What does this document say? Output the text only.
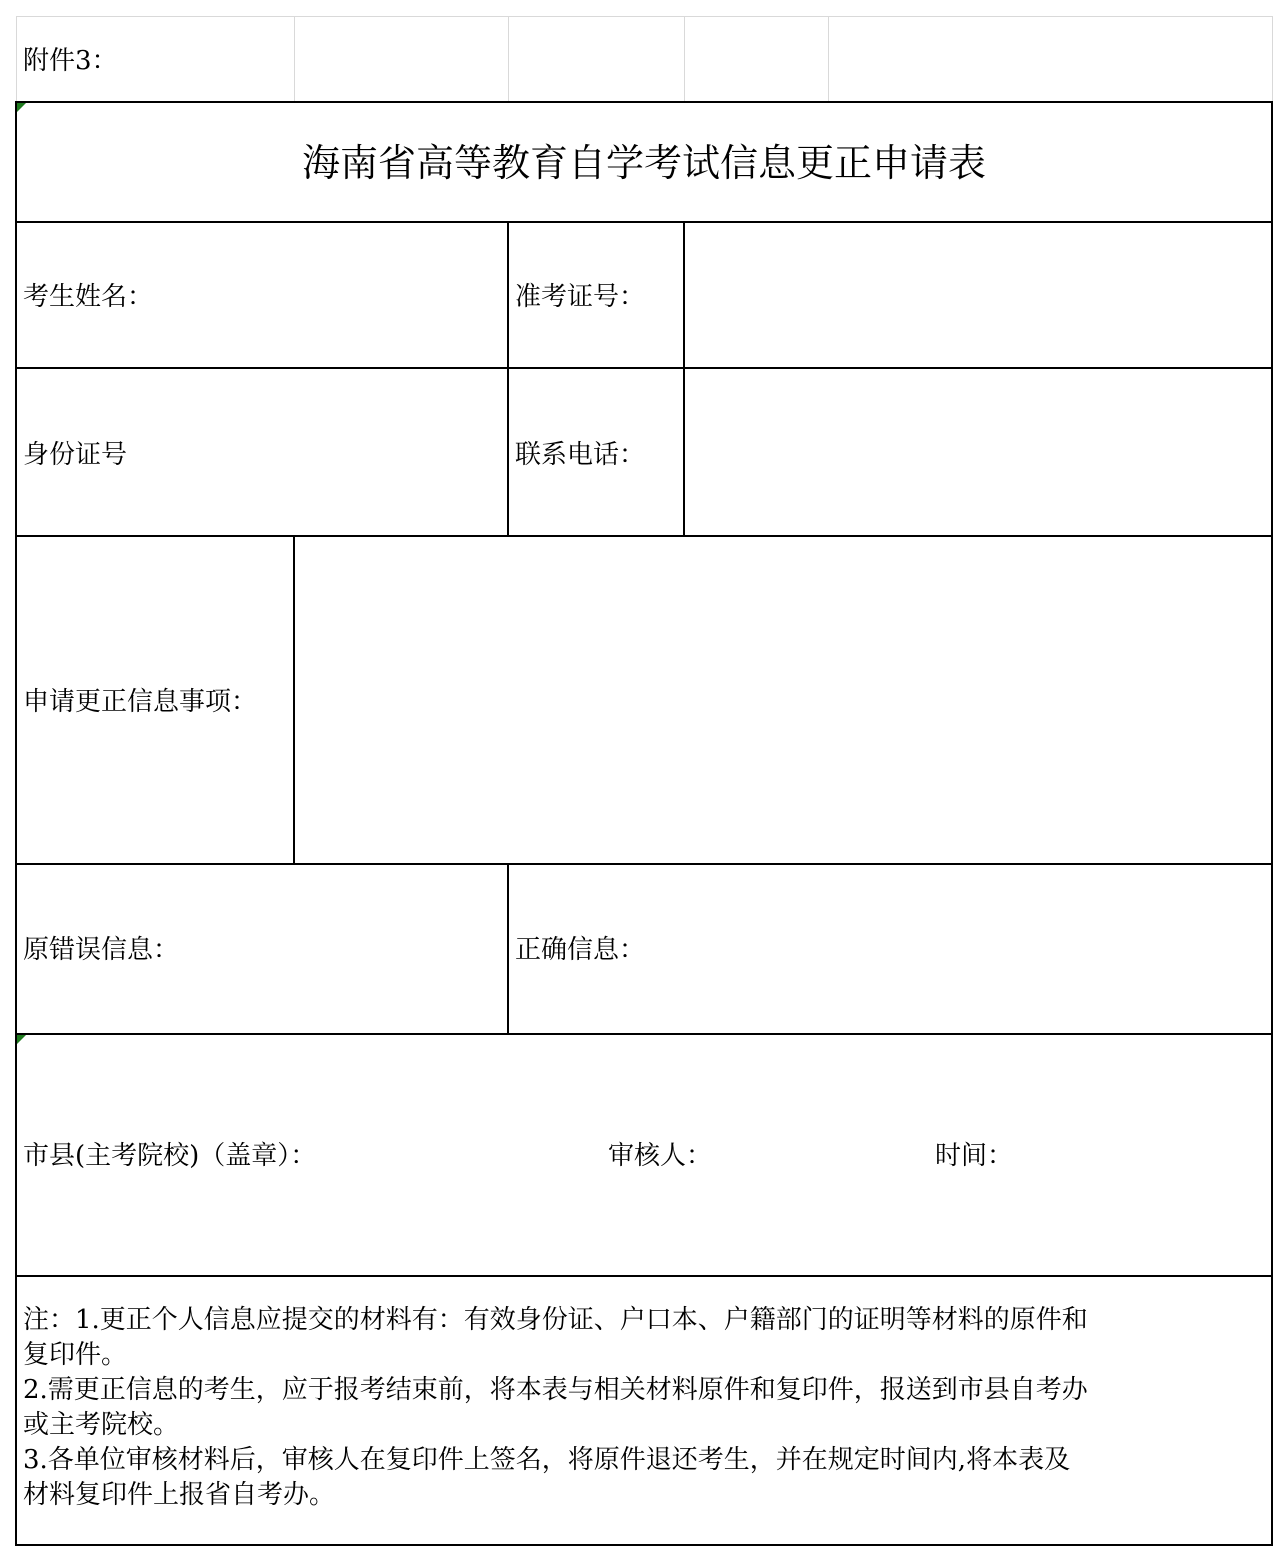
附件3：
海南省高等教育自学考试信息更正申请表
考生姓名：	准考证号：
身份证号	联系电话：
申请更正信息事项：
原错误信息：	正确信息：
市县(主考院校)（盖章）：	审核人：	时间：
注：1.更正个人信息应提交的材料有：有效身份证、户口本、户籍部门的证明等材料的原件和
复印件。
2.需更正信息的考生，应于报考结束前，将本表与相关材料原件和复印件，报送到市县自考办
或主考院校。
3.各单位审核材料后，审核人在复印件上签名，将原件退还考生，并在规定时间内,将本表及
材料复印件上报省自考办。
